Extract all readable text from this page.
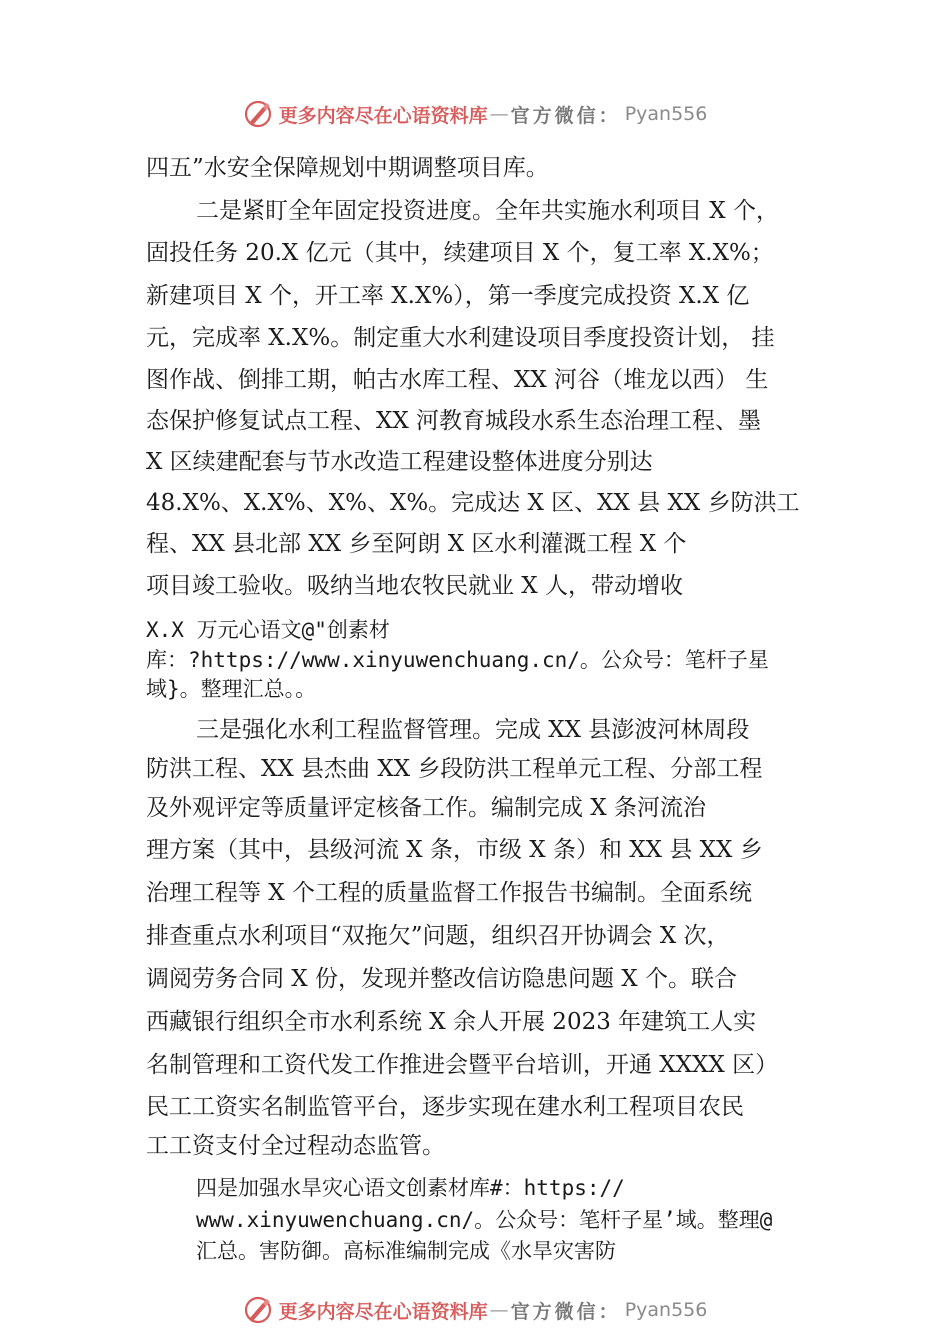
更多内容尽在心语资料库 — 官方微信： Pyan556
四五”水安全保障规划中期调整项目库。
二是紧盯全年固定投资进度。全年共实施水利项目 X 个，
固投任务 20.X 亿元（其中，续建项目 X 个，复工率 X.X%；
新建项目 X 个，开工率 X.X%），第一季度完成投资 X.X 亿
元，完成率 X.X%。制定重大水利建设项目季度投资计划， 挂
图作战、倒排工期，帕古水库工程、XX 河谷（堆龙以西） 生
态保护修复试点工程、XX 河教育城段水系生态治理工程、墨
X 区续建配套与节水改造工程建设整体进度分别达
48.X%、X.X%、X%、X%。完成达 X 区、XX 县 XX 乡防洪工
程、XX 县北部 XX 乡至阿朗 X 区水利灌溉工程 X 个
项目竣工验收。吸纳当地农牧民就业 X 人，带动增收
X.X 万元心语文@"创素材
库：?https://www.xinyuwenchuang.cn/。公众号：笔杆子星
域}。整理汇总。。
三是强化水利工程监督管理。完成 XX 县澎波河林周段
防洪工程、XX 县杰曲 XX 乡段防洪工程单元工程、分部工程
及外观评定等质量评定核备工作。编制完成 X 条河流治
理方案（其中，县级河流 X 条，市级 X 条）和 XX 县 XX 乡
治理工程等 X 个工程的质量监督工作报告书编制。全面系统
排查重点水利项目“双拖欠”问题，组织召开协调会 X 次，
调阅劳务合同 X 份，发现并整改信访隐患问题 X 个。联合
西藏银行组织全市水利系统 X 余人开展 2023 年建筑工人实
名制管理和工资代发工作推进会暨平台培训，开通 XXXX 区）
民工工资实名制监管平台，逐步实现在建水利工程项目农民
工工资支付全过程动态监管。
四是加强水旱灾心语文创素材库#：https://
www.xinyuwenchuang.cn/。公众号：笔杆子星’域。整理@
汇总。害防御。高标准编制完成《水旱灾害防
更多内容尽在心语资料库 — 官方微信： Pyan556
